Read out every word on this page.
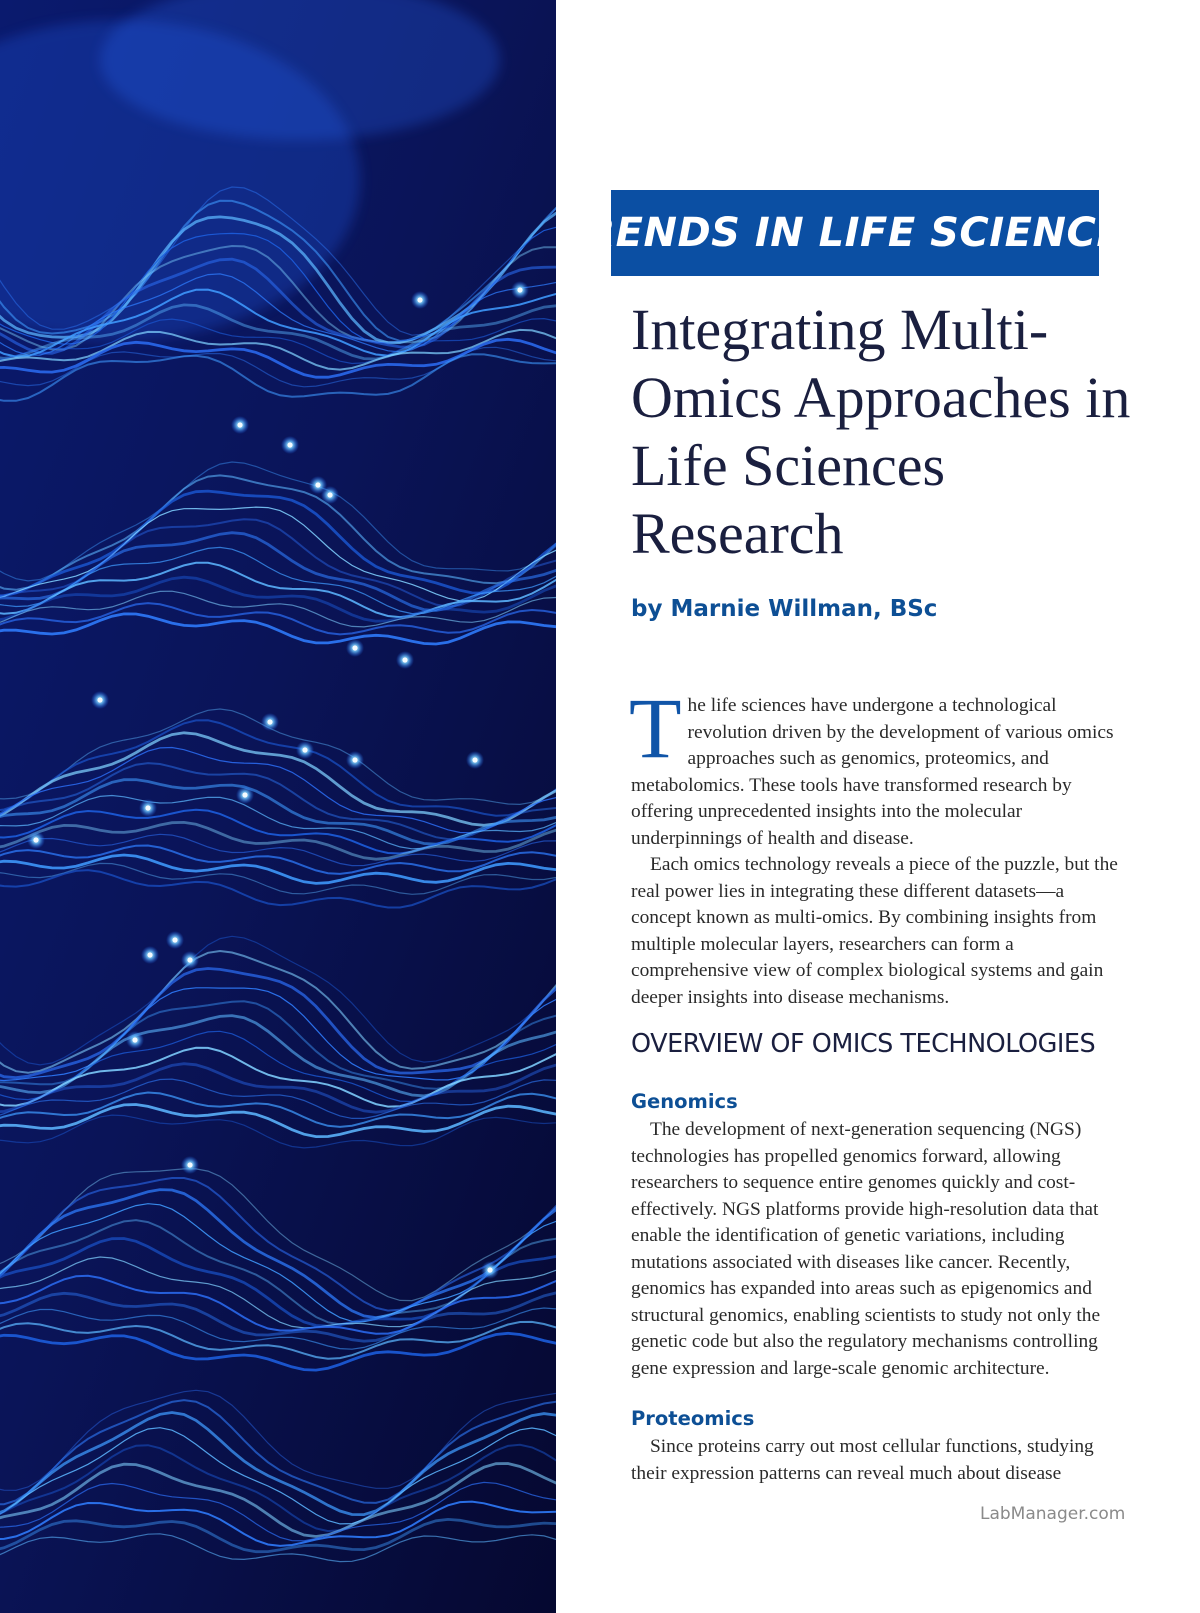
TRENDS IN LIFE SCIENCES
Integrating Multi-Omics Approaches in Life Sciences Research

by Marnie Willman, BSc

The life sciences have undergone a technological revolution driven by the development of various omics approaches such as genomics, proteomics, and metabolomics. These tools have transformed research by offering unprecedented insights into the molecular underpinnings of health and disease.

Each omics technology reveals a piece of the puzzle, but the real power lies in integrating these different datasets—a concept known as multi-omics. By combining insights from multiple molecular layers, researchers can form a comprehensive view of complex biological systems and gain deeper insights into disease mechanisms.

OVERVIEW OF OMICS TECHNOLOGIES
Genomics

The development of next-generation sequencing (NGS) technologies has propelled genomics forward, allowing researchers to sequence entire genomes quickly and cost-effectively. NGS platforms provide high-resolution data that enable the identification of genetic variations, including mutations associated with diseases like cancer. Recently, genomics has expanded into areas such as epigenomics and structural genomics, enabling scientists to study not only the genetic code but also the regulatory mechanisms controlling gene expression and large-scale genomic architecture.

Proteomics

Since proteins carry out most cellular functions, studying their expression patterns can reveal much about disease

LabManager.com
